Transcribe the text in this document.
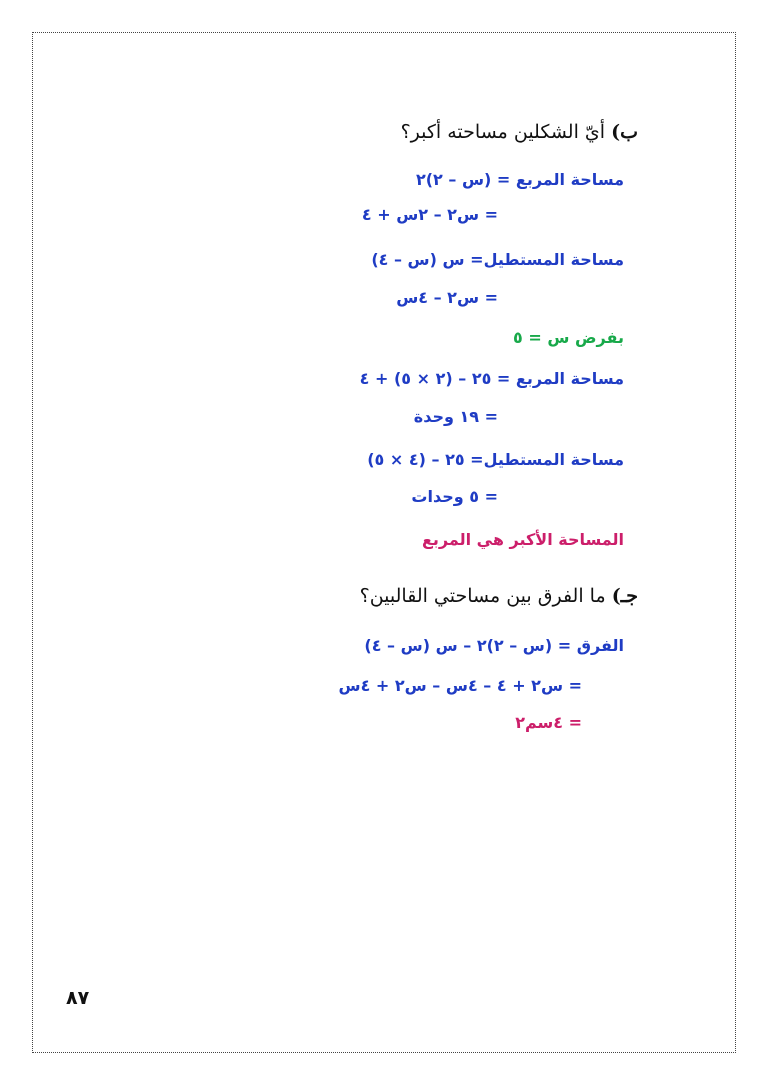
ب) أيّ الشكلين مساحته أكبر؟
مساحة المربع = (س – ٢)٢
= س٢ – ٢س + ٤
مساحة المستطيل= س (س – ٤)
= س٢ – ٤س
بفرض س = ٥
مساحة المربع = ٢٥ – (٢ × ٥) + ٤
= ١٩ وحدة
مساحة المستطيل= ٢٥ – (٤ × ٥)
= ٥ وحدات
المساحة الأكبر هي المربع
جـ) ما الفرق بين مساحتي القالبين؟
الفرق = (س – ٢)٢ – س (س – ٤)
= س٢ + ٤ – ٤س – س٢ + ٤س
= ٤سم٢
٨٧
